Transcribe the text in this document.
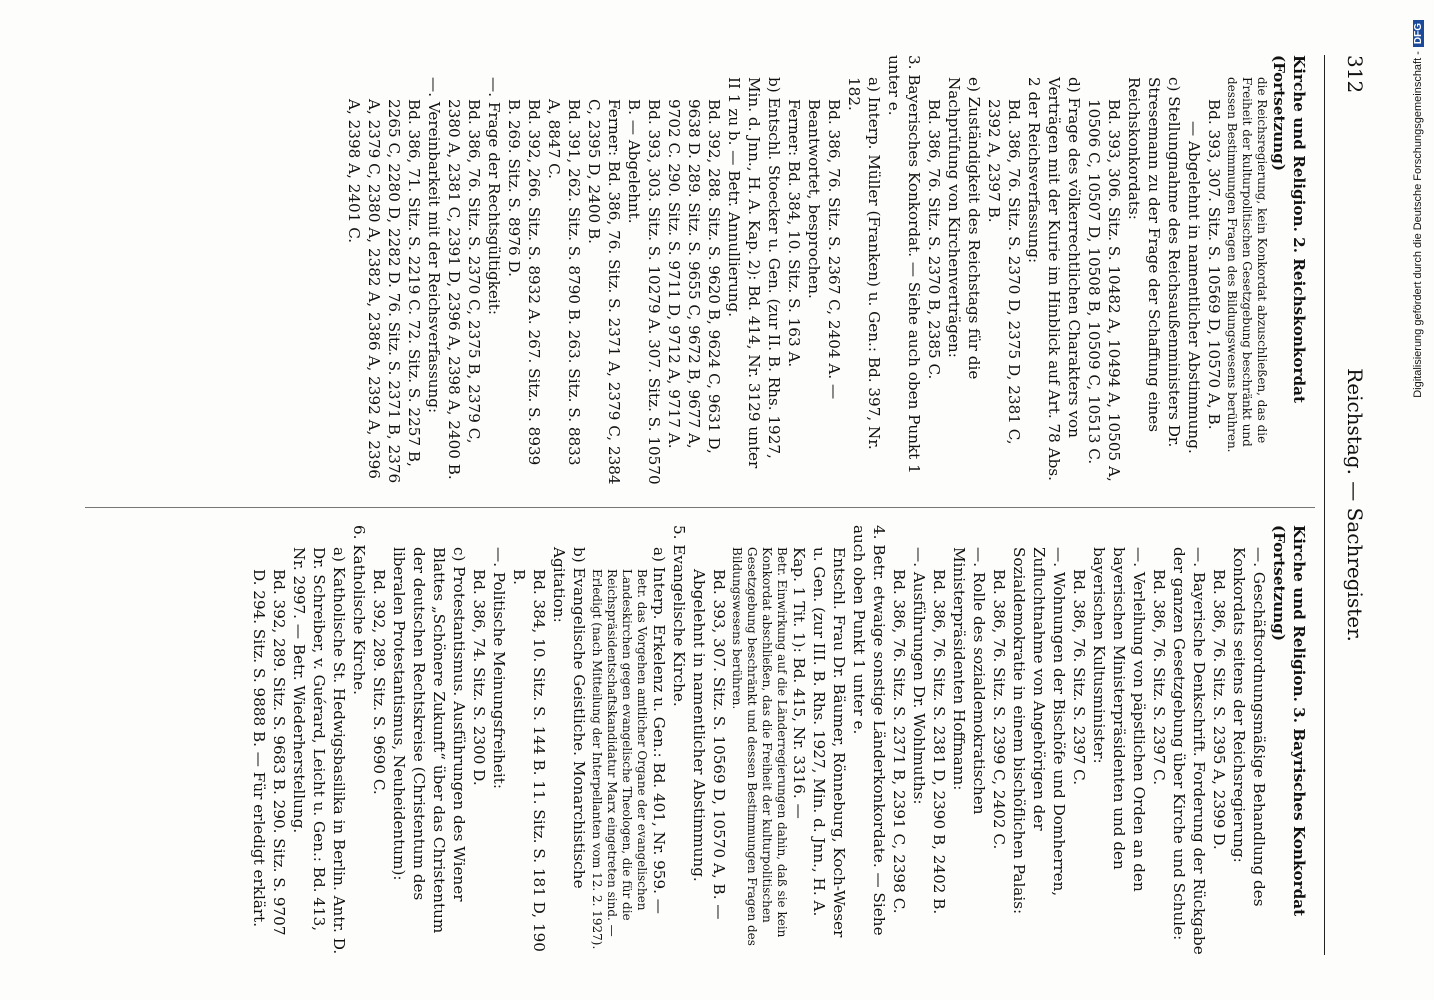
312
Reichstag. — Sachregister.

Kirche und Religion. 2. Reichskonkordat (Fortsetzung)

die Reichsregierung, kein Konkordat abzuschließen, das die Freiheit der kulturpolitischen Gesetzgebung beschränkt und dessen Bestimmungen Fragen des Bildungswesens berühren.

Bd. 393, 307. Sitz. S. 10569 D, 10570 A, B.

— Abgelehnt in namentlicher Abstimmung.

c) Stellungnahme des Reichsaußenministers Dr. Stresemann zu der Frage der Schaffung eines Reichskonkordats:

Bd. 393, 306. Sitz. S. 10482 A, 10494 A, 10505 A, 10506 C, 10507 D, 10508 B, 10509 C, 10513 C.

d) Frage des völkerrechtlichen Charakters von Verträgen mit der Kurie im Hinblick auf Art. 78 Abs. 2 der Reichsverfassung:

Bd. 386, 76. Sitz. S. 2370 D, 2375 D, 2381 C, 2392 A, 2397 B.

e) Zuständigkeit des Reichstags für die Nachprüfung von Kirchenverträgen:

Bd. 386, 76. Sitz. S. 2370 B, 2385 C.

3. Bayerisches Konkordat. — Siehe auch oben Punkt 1 unter e.

a) Interp. Müller (Franken) u. Gen.: Bd. 397, Nr. 182.

Bd. 386, 76. Sitz. S. 2367 C, 2404 A. — Beantwortet, besprochen.

Ferner: Bd. 384, 10. Sitz. S. 163 A.

b) Entschl. Stoecker u. Gen. (zur II. B. Rhs. 1927, Min. d. Jnn., H. A. Kap. 2): Bd. 414, Nr. 3129 unter II 1 zu b. — Betr. Annullierung.

Bd. 392, 288. Sitz. S. 9620 B, 9624 C, 9631 D, 9638 D. 289. Sitz. S. 9655 C, 9672 B, 9677 A, 9702 C. 290. Sitz. S. 9711 D, 9712 A, 9717 A.

Bd. 393, 303. Sitz. S. 10279 A. 307. Sitz. S. 10570 B. — Abgelehnt.

Ferner: Bd. 386, 76. Sitz. S. 2371 A, 2379 C, 2384 C, 2395 D, 2400 B.

Bd. 391, 262. Sitz. S. 8790 B. 263. Sitz. S. 8833 A, 8847 C.

Bd. 392, 266. Sitz. S. 8932 A. 267. Sitz. S. 8939 B. 269. Sitz. S. 8976 D.

—. Frage der Rechtsgültigkeit:

Bd. 386, 76. Sitz. S. 2370 C, 2375 B, 2379 C, 2380 A, 2381 C, 2391 D, 2396 A, 2398 A, 2400 B.

—. Vereinbarkeit mit der Reichsverfassung:

Bd. 386, 71. Sitz. S. 2219 C. 72. Sitz. S. 2257 B, 2265 C, 2280 D, 2282 D. 76. Sitz. S. 2371 B, 2376 A, 2379 C, 2380 A, 2382 A, 2386 A, 2392 A, 2396 A, 2398 A, 2401 C.

Kirche und Religion. 3. Bayrisches Konkordat (Fortsetzung)

—. Geschäftsordnungsmäßige Behandlung des Konkordats seitens der Reichsregierung:

Bd. 386, 76. Sitz. S. 2395 A, 2399 D.

—. Bayerische Denkschrift. Forderung der Rückgabe der ganzen Gesetzgebung über Kirche und Schule:

Bd. 386, 76. Sitz. S. 2397 C.

—. Verleihung von päpstlichen Orden an den bayerischen Ministerpräsidenten und den bayerischen Kultusminister:

Bd. 386, 76. Sitz. S. 2397 C.

—. Wohnungen der Bischöfe und Domherren, Zufluchtnahme von Angehörigen der Sozialdemokratie in einem bischöflichen Palais:

Bd. 386, 76. Sitz. S. 2399 C, 2402 C.

—. Rolle des sozialdemokratischen Ministerpräsidenten Hoffmann:

Bd. 386, 76. Sitz. S. 2381 D, 2390 B, 2402 B.

—. Ausführungen Dr. Wohlmuths:

Bd. 386, 76. Sitz. S. 2371 B, 2391 C, 2398 C.

4. Betr. etwaige sonstige Länderkonkordate. — Siehe auch oben Punkt 1 unter e.

Entschl. Frau Dr. Bäumer, Rönneburg, Koch-Weser u. Gen. (zur III. B. Rhs. 1927, Min. d. Jnn., H. A. Kap. 1 Tit. 1): Bd. 415, Nr. 3316. —

Betr. Einwirkung auf die Länderregierungen dahin, daß sie kein Konkordat abschließen, das die Freiheit der kulturpolitischen Gesetzgebung beschränkt und dessen Bestimmungen Fragen des Bildungswesens berühren.

Bd. 393, 307. Sitz. S. 10569 D, 10570 A, B. — Abgelehnt in namentlicher Abstimmung.

5. Evangelische Kirche.

a) Interp. Erkelenz u. Gen.: Bd. 401, Nr. 959. —

Betr. das Vorgehen amtlicher Organe der evangelischen Landeskirchen gegen evangelische Theologen, die für die Reichspräsidentschaftskandidatur Marx eingetreten sind. — Erledigt (nach Mitteilung der Interpellanten vom 12. 2. 1927).

b) Evangelische Geistliche. Monarchistische Agitation:

Bd. 384, 10. Sitz. S. 144 B. 11. Sitz. S. 181 D, 190 B.

—. Politische Meinungsfreiheit:

Bd. 386, 74. Sitz. S. 2300 D.

c) Protestantismus. Ausführungen des Wiener Blattes „Schönere Zukunft“ über das Christentum der deutschen Rechtskreise (Christentum des liberalen Protestantismus, Neuheidentum):

Bd. 392, 289. Sitz. S. 9690 C.

6. Katholische Kirche.

a) Katholische St. Hedwigsbasilika in Berlin. Antr. D. Dr. Schreiber, v. Guérard, Leicht u. Gen.: Bd. 413, Nr. 2997. — Betr. Wiederherstellung.

Bd. 392, 289. Sitz. S. 9683 B. 290. Sitz. S. 9707 D. 294. Sitz. S. 9888 B. — Für erledigt erklärt.

Digitalisierung gefördert durch die Deutsche Forschungsgemeinschaft -DFG
